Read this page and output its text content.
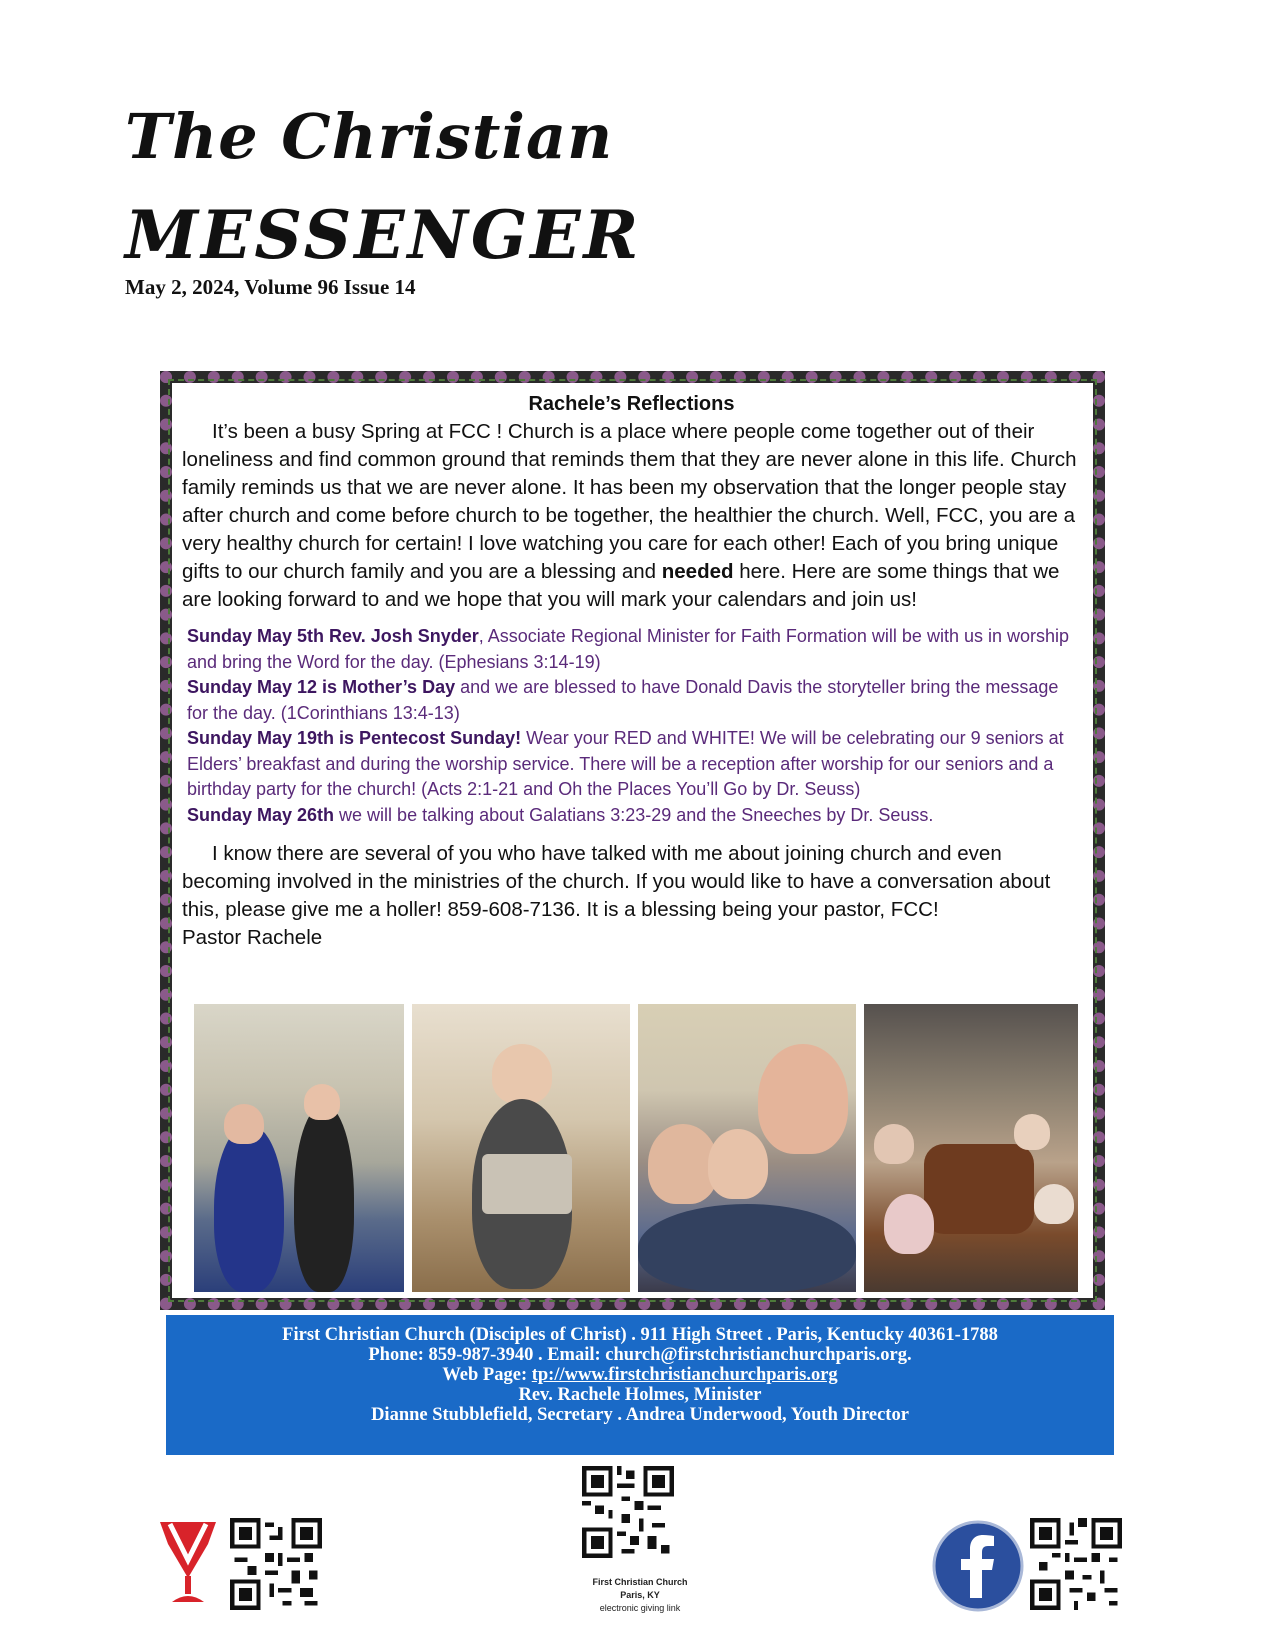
The Christian
MESSENGER
May 2, 2024, Volume 96 Issue 14

Rachele’s Reflections

It’s been a busy Spring at FCC ! Church is a place where people come together out of their loneliness and find common ground that reminds them that they are never alone in this life. Church family reminds us that we are never alone. It has been my observation that the longer people stay after church and come before church to be together, the healthier the church. Well, FCC, you are a very healthy church for certain! I love watching you care for each other! Each of you bring unique gifts to our church family and you are a blessing and needed here. Here are some things that we are looking forward to and we hope that you will mark your calendars and join us!

Sunday May 5th Rev. Josh Snyder, Associate Regional Minister for Faith Formation will be with us in worship and bring the Word for the day. (Ephesians 3:14-19)

Sunday May 12 is Mother’s Day and we are blessed to have Donald Davis the storyteller bring the message for the day. (1Corinthians 13:4-13)

Sunday May 19th is Pentecost Sunday! Wear your RED and WHITE! We will be celebrating our 9 seniors at Elders’ breakfast and during the worship service. There will be a reception after worship for our seniors and a birthday party for the church! (Acts 2:1-21 and Oh the Places You’ll Go by Dr. Seuss)

Sunday May 26th we will be talking about Galatians 3:23-29 and the Sneeches by Dr. Seuss.

I know there are several of you who have talked with me about joining church and even becoming involved in the ministries of the church. If you would like to have a conversation about this, please give me a holler! 859-608-7136. It is a blessing being your pastor, FCC!
Pastor Rachele

First Christian Church (Disciples of Christ) . 911 High Street . Paris, Kentucky 40361-1788
Phone: 859-987-3940 . Email: church@firstchristianchurchparis.org.
Web Page: tp://www.firstchristianchurchparis.org
Rev. Rachele Holmes, Minister
Dianne Stubblefield, Secretary . Andrea Underwood, Youth Director
First Christian Church
Paris, KY
electronic giving link
